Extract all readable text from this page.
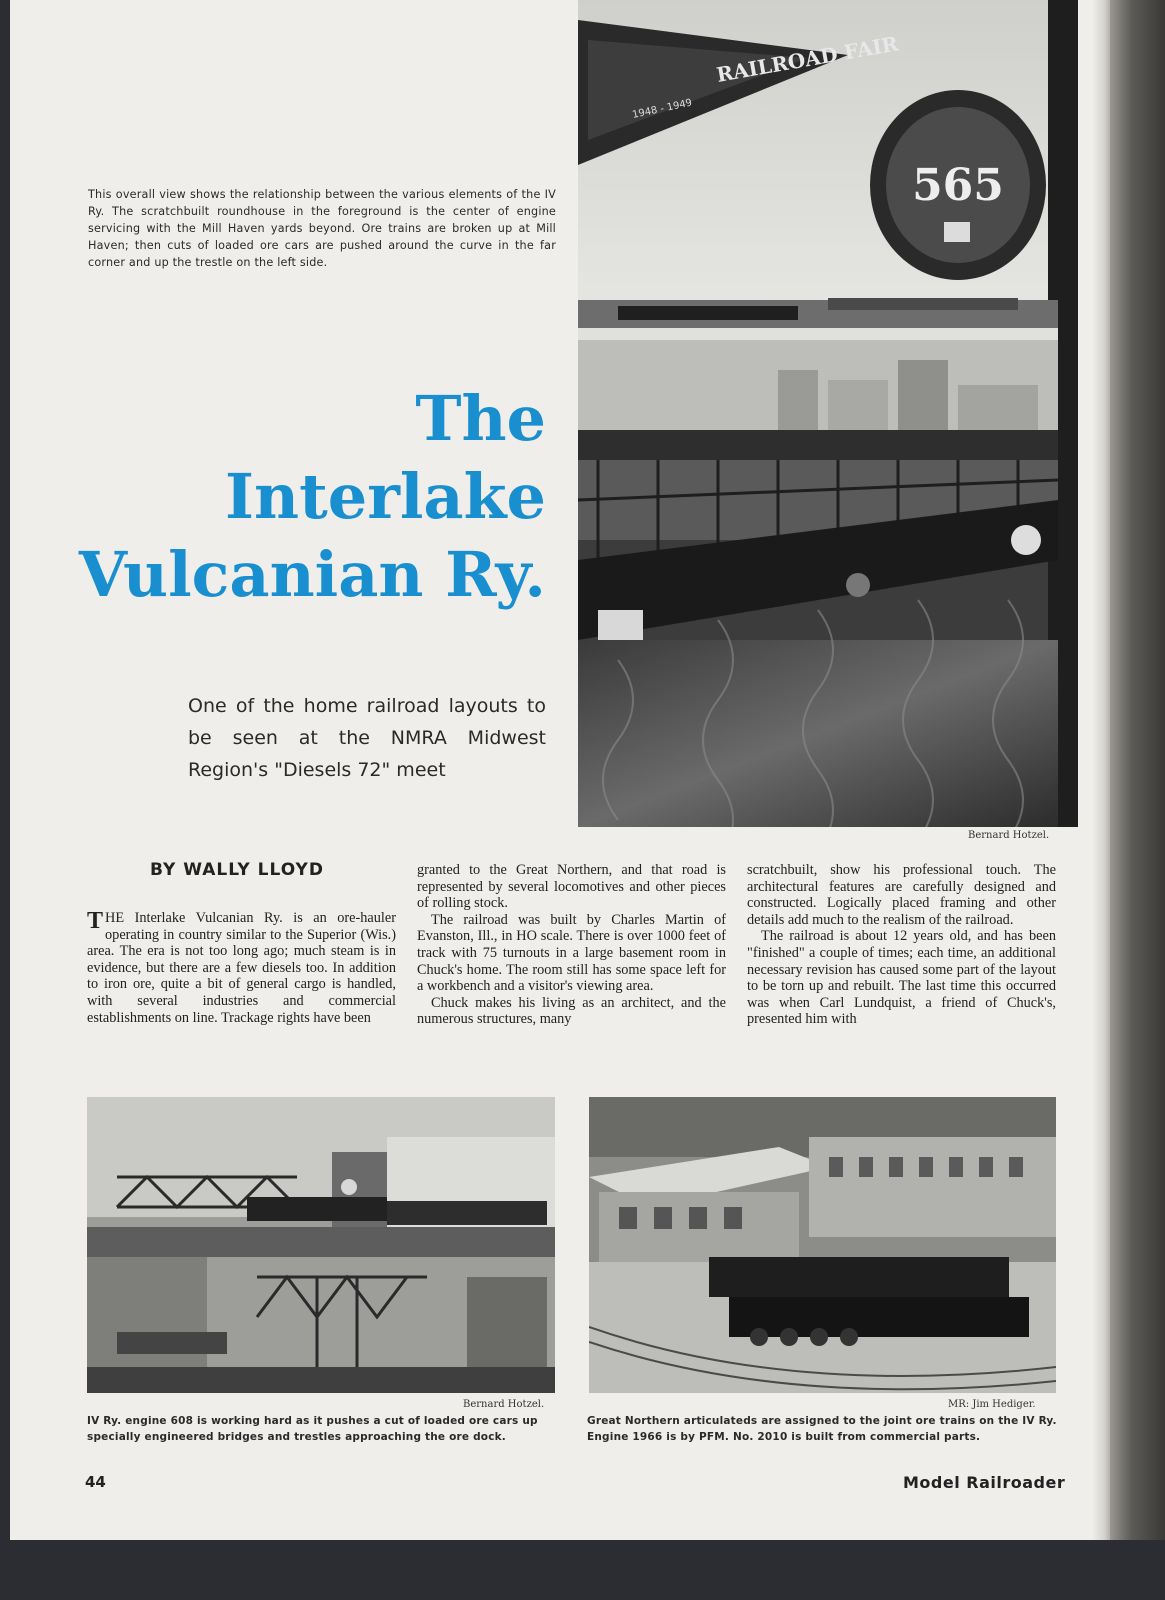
RAILROAD FAIR
1948 - 1949
565
Bernard Hotzel.
This overall view shows the relationship between the various elements of the IV Ry. The scratchbuilt roundhouse in the foreground is the center of engine servicing with the Mill Haven yards beyond. Ore trains are broken up at Mill Haven; then cuts of loaded ore cars are pushed around the curve in the far corner and up the trestle on the left side.
The
Interlake
Vulcanian Ry.
One of the home railroad layouts to be seen at the NMRA Midwest Region's "Diesels 72" meet
BY WALLY LLOYD

THE Interlake Vulcanian Ry. is an ore-hauler operating in country similar to the Superior (Wis.) area. The era is not too long ago; much steam is in evidence, but there are a few diesels too. In addition to iron ore, quite a bit of general cargo is handled, with several industries and commercial establishments on line. Trackage rights have been

granted to the Great Northern, and that road is represented by several locomotives and other pieces of rolling stock.

The railroad was built by Charles Martin of Evanston, Ill., in HO scale. There is over 1000 feet of track with 75 turnouts in a large basement room in Chuck's home. The room still has some space left for a workbench and a visitor's viewing area.

Chuck makes his living as an architect, and the numerous structures, many

scratchbuilt, show his professional touch. The architectural features are carefully designed and constructed. Logically placed framing and other details add much to the realism of the railroad.

The railroad is about 12 years old, and has been "finished" a couple of times; each time, an additional necessary revision has caused some part of the layout to be torn up and rebuilt. The last time this occurred was when Carl Lundquist, a friend of Chuck's, presented him with

Bernard Hotzel.
IV Ry. engine 608 is working hard as it pushes a cut of loaded ore cars up specially engineered bridges and trestles approaching the ore dock.
MR: Jim Hediger.
Great Northern articulateds are assigned to the joint ore trains on the IV Ry. Engine 1966 is by PFM. No. 2010 is built from commercial parts.
44	Model Railroader
